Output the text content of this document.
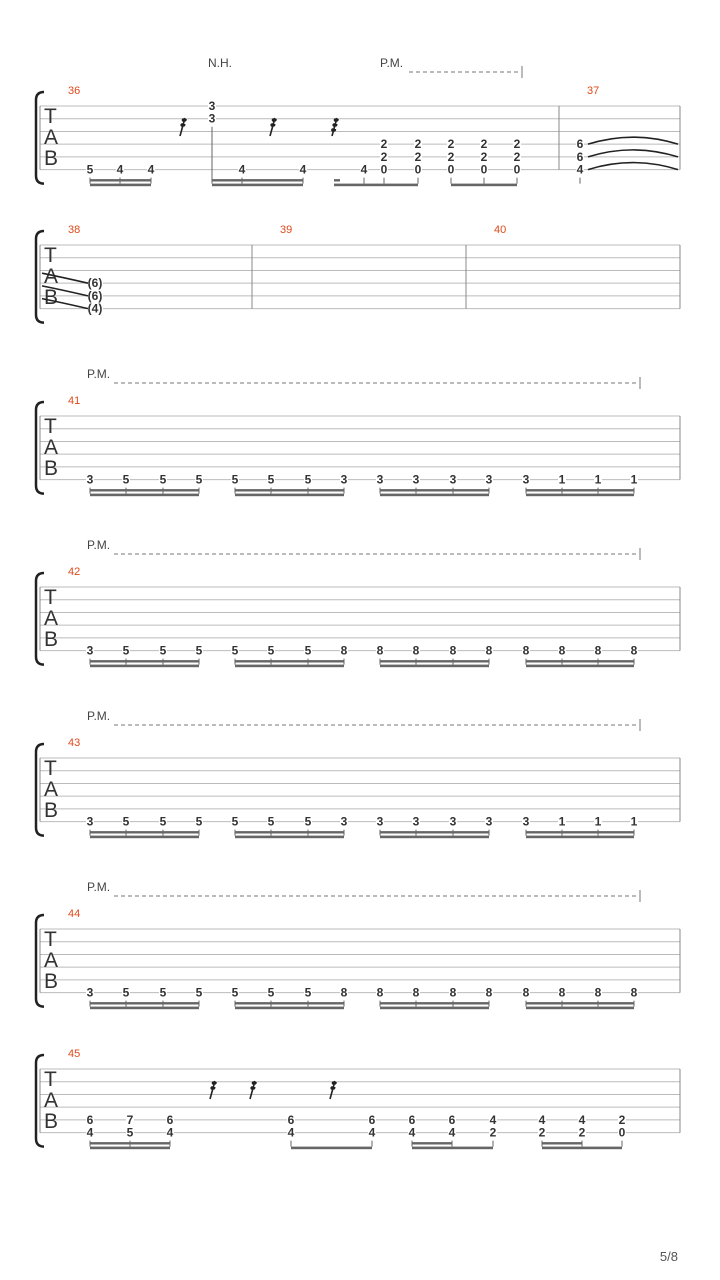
T
A
B
N.H.	P.M.
36
5 4 4
3
3
4	4	4
2
2
0
2
2
0
2
2
0
2
2
0
2
2
0
37
6
6
4
T
A
B
38
(6)
(6)
(4)
39	40
T
A
B
P.M.
41
3 5	5 5 5 5	5 3 3 3	3 3	3 1 1 1
T
A
B
P.M.
42
3 5	5 5 5 5	5 8 8 8	8 8	8 8 8 8
T
A
B
P.M.
43
3 5	5 5 5 5	5 3 3 3	3 3	3 1 1 1
T
A
B
P.M.
44
3 5	5 5 5 5	5 8 8 8	8 8	8 8 8 8
T
A
B
45
6
4
7
5
6
4
6
4
6
4
6
4
6
4
4
2
4
2
4
2
2
0
5/8
